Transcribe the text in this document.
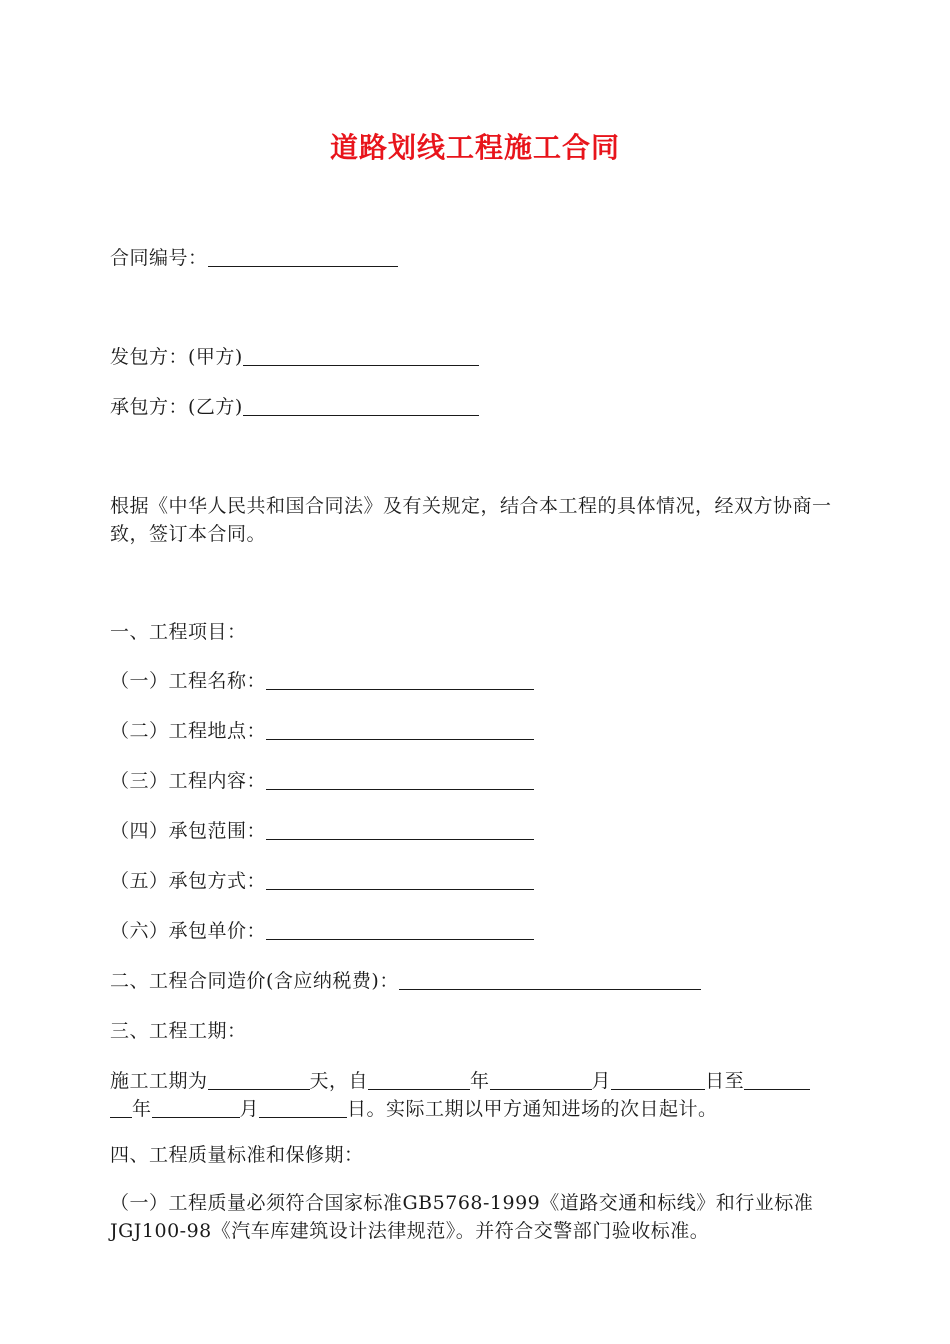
道路划线工程施工合同
合同编号：
发包方：(甲方)
承包方：(乙方)
根据《中华人民共和国合同法》及有关规定，结合本工程的具体情况，经双方协商一致，签订本合同。
一、工程项目：
（一）工程名称：
（二）工程地点：
（三）工程内容：
（四）承包范围：
（五）承包方式：
（六）承包单价：
二、工程合同造价(含应纳税费)：
三、工程工期：
施工工期为	天，自	年	月	日至
年	月	日。实际工期以甲方通知进场的次日起计。
四、工程质量标准和保修期：
（一）工程质量必须符合国家标准GB5768-1999《道路交通和标线》和行业标准JGJ100-98《汽车库建筑设计法律规范》。并符合交警部门验收标准。
